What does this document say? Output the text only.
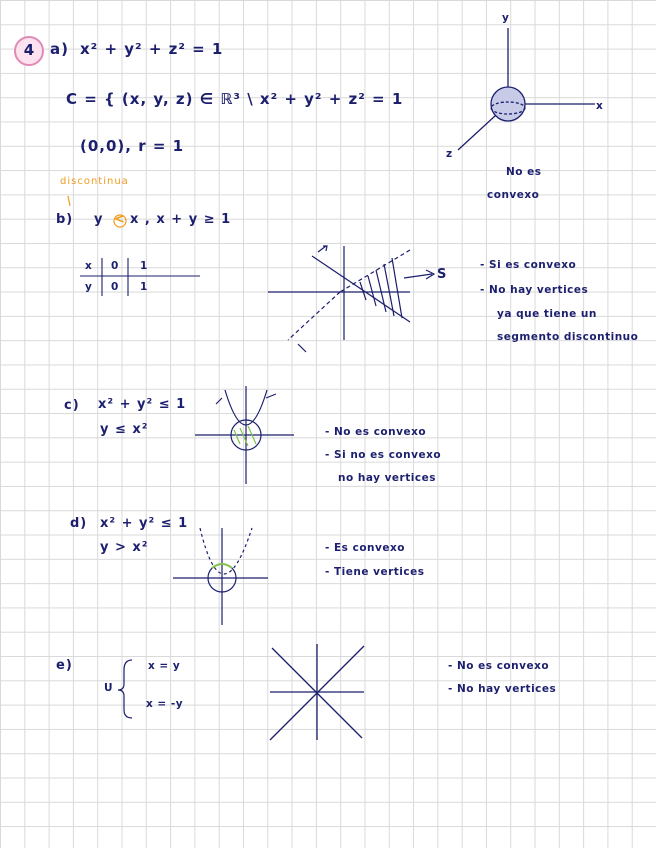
4	a) x² + y² + z² = 1
C = { (x, y, z) ∈ ℝ³ \ x² + y² + z² = 1
(0,0), r = 1
y
x
z
No es
convexo
discontinua
b) y < x , x + y ≥ 1
x 0 1
y 0 1
S
- Si es convexo
- No hay vertices
ya que tiene un
segmento discontinuo
c) x² + y² ≤ 1
y ≤ x²	- No es convexo
- Si no es convexo
no hay vertices
d) x² + y² ≤ 1
y > x²	- Es convexo
- Tiene vertices
e)
U
x = y
x = -y
- No es convexo
- No hay vertices
